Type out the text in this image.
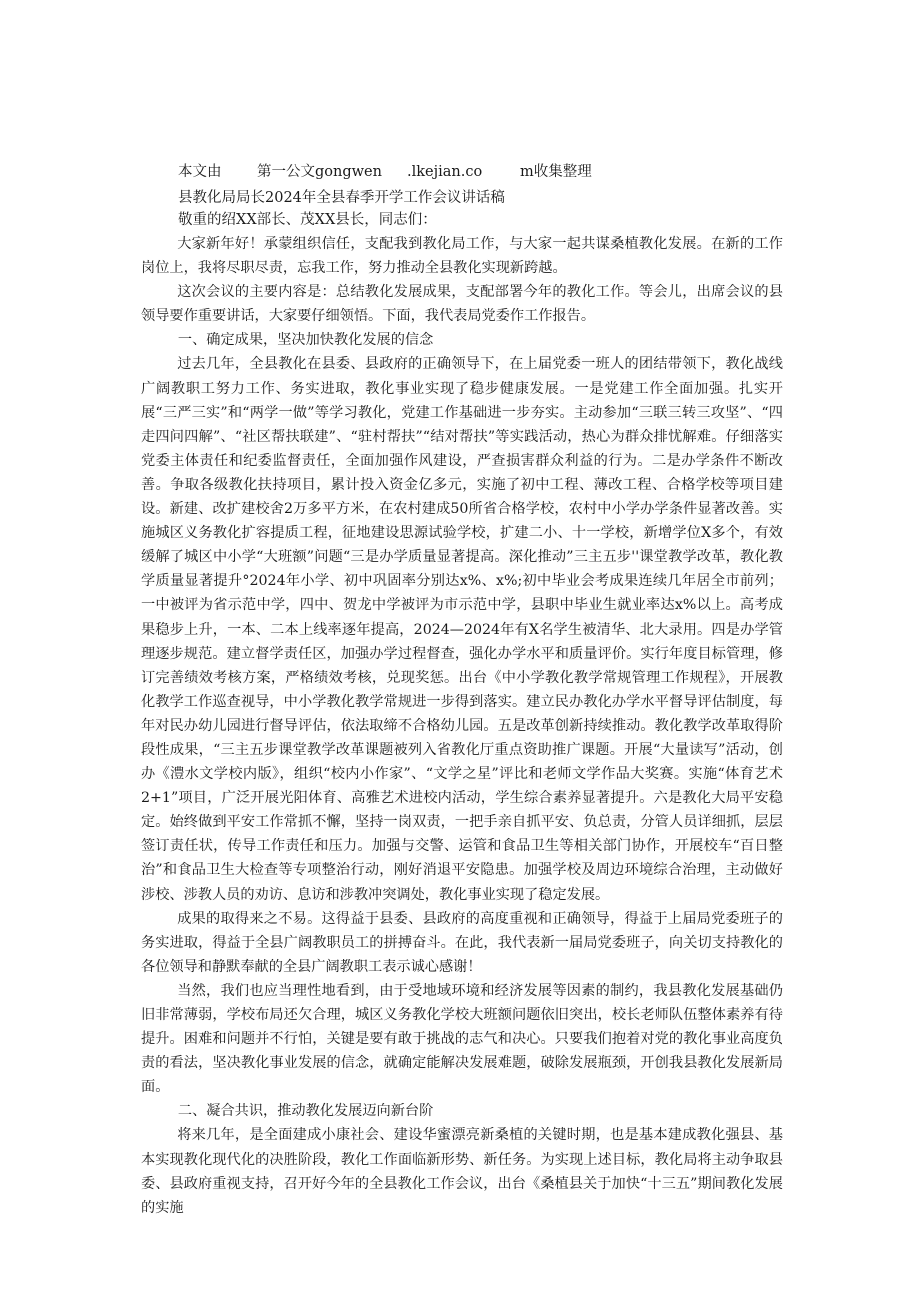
本文由 第一公文gongwen .lkejian.co	m收集整理
县教化局局长2024年全县春季开学工作会议讲话稿
敬重的绍XX部长、茂XX县长，同志们：

大家新年好！承蒙组织信任，支配我到教化局工作，与大家一起共谋桑植教化发展。在新的工作岗位上，我将尽职尽责，忘我工作，努力推动全县教化实现新跨越。

这次会议的主要内容是：总结教化发展成果，支配部署今年的教化工作。等会儿，出席会议的县领导要作重要讲话，大家要仔细领悟。下面，我代表局党委作工作报告。

一、确定成果，坚决加快教化发展的信念

过去几年，全县教化在县委、县政府的正确领导下，在上届党委一班人的团结带领下，教化战线广阔教职工努力工作、务实进取，教化事业实现了稳步健康发展。一是党建工作全面加强。扎实开展“三严三实”和“两学一做”等学习教化，党建工作基础进一步夯实。主动参加“三联三转三攻坚”、“四走四问四解”、“社区帮扶联建”、“驻村帮扶”“结对帮扶”等实践活动，热心为群众排忧解难。仔细落实党委主体责任和纪委监督责任，全面加强作风建设，严查损害群众利益的行为。二是办学条件不断改善。争取各级教化扶持项目，累计投入资金亿多元，实施了初中工程、薄改工程、合格学校等项目建设。新建、改扩建校舍2万多平方米，在农村建成50所省合格学校，农村中小学办学条件显著改善。实施城区义务教化扩容提质工程，征地建设思源试验学校，扩建二小、十一学校，新增学位X多个，有效缓解了城区中小学“大班额”问题“三是办学质量显著提高。深化推动”三主五步''课堂教学改革，教化教学质量显著提升°2024年小学、初中巩固率分别达x%、x%;初中毕业会考成果连续几年居全市前列；一中被评为省示范中学，四中、贺龙中学被评为市示范中学，县职中毕业生就业率达x%以上。高考成果稳步上升，一本、二本上线率逐年提高，2024—2024年有X名学生被清华、北大录用。四是办学管理逐步规范。建立督学责任区，加强办学过程督查，强化办学水平和质量评价。实行年度目标管理，修订完善绩效考核方案，严格绩效考核，兑现奖惩。出台《中小学教化教学常规管理工作规程》，开展教化教学工作巡查视导，中小学教化教学常规进一步得到落实。建立民办教化办学水平督导评估制度，每年对民办幼儿园进行督导评估，依法取缔不合格幼儿园。五是改革创新持续推动。教化教学改革取得阶段性成果，“三主五步课堂教学改革课题被列入省教化厅重点资助推广课题。开展“大量读写”活动，创办《澧水文学校内版》，组织“校内小作家”、“文学之星”评比和老师文学作品大奖赛。实施“体育艺术2+1”项目，广泛开展光阳体育、高雅艺术进校内活动，学生综合素养显著提升。六是教化大局平安稳定。始终做到平安工作常抓不懈，坚持一岗双责，一把手亲自抓平安、负总责，分管人员详细抓，层层签订责任状，传导工作责任和压力。加强与交警、运管和食品卫生等相关部门协作，开展校车“百日整治”和食品卫生大检查等专项整治行动，刚好消退平安隐患。加强学校及周边环境综合治理，主动做好涉校、涉教人员的劝访、息访和涉教冲突调处，教化事业实现了稳定发展。

成果的取得来之不易。这得益于县委、县政府的高度重视和正确领导，得益于上届局党委班子的务实进取，得益于全县广阔教职员工的拼搏奋斗。在此，我代表新一届局党委班子，向关切支持教化的各位领导和静默奉献的全县广阔教职工表示诚心感谢！

当然，我们也应当理性地看到，由于受地域环境和经济发展等因素的制约，我县教化发展基础仍旧非常薄弱，学校布局还欠合理，城区义务教化学校大班额问题依旧突出，校长老师队伍整体素养有待提升。困难和问题并不行怕，关键是要有敢于挑战的志气和决心。只要我们抱着对党的教化事业高度负责的看法，坚决教化事业发展的信念，就确定能解决发展难题，破除发展瓶颈，开创我县教化发展新局面。

二、凝合共识，推动教化发展迈向新台阶

将来几年，是全面建成小康社会、建设华蜜漂亮新桑植的关键时期，也是基本建成教化强县、基本实现教化现代化的决胜阶段，教化工作面临新形势、新任务。为实现上述目标，教化局将主动争取县委、县政府重视支持，召开好今年的全县教化工作会议，出台《桑植县关于加快“十三五”期间教化发展的实施
